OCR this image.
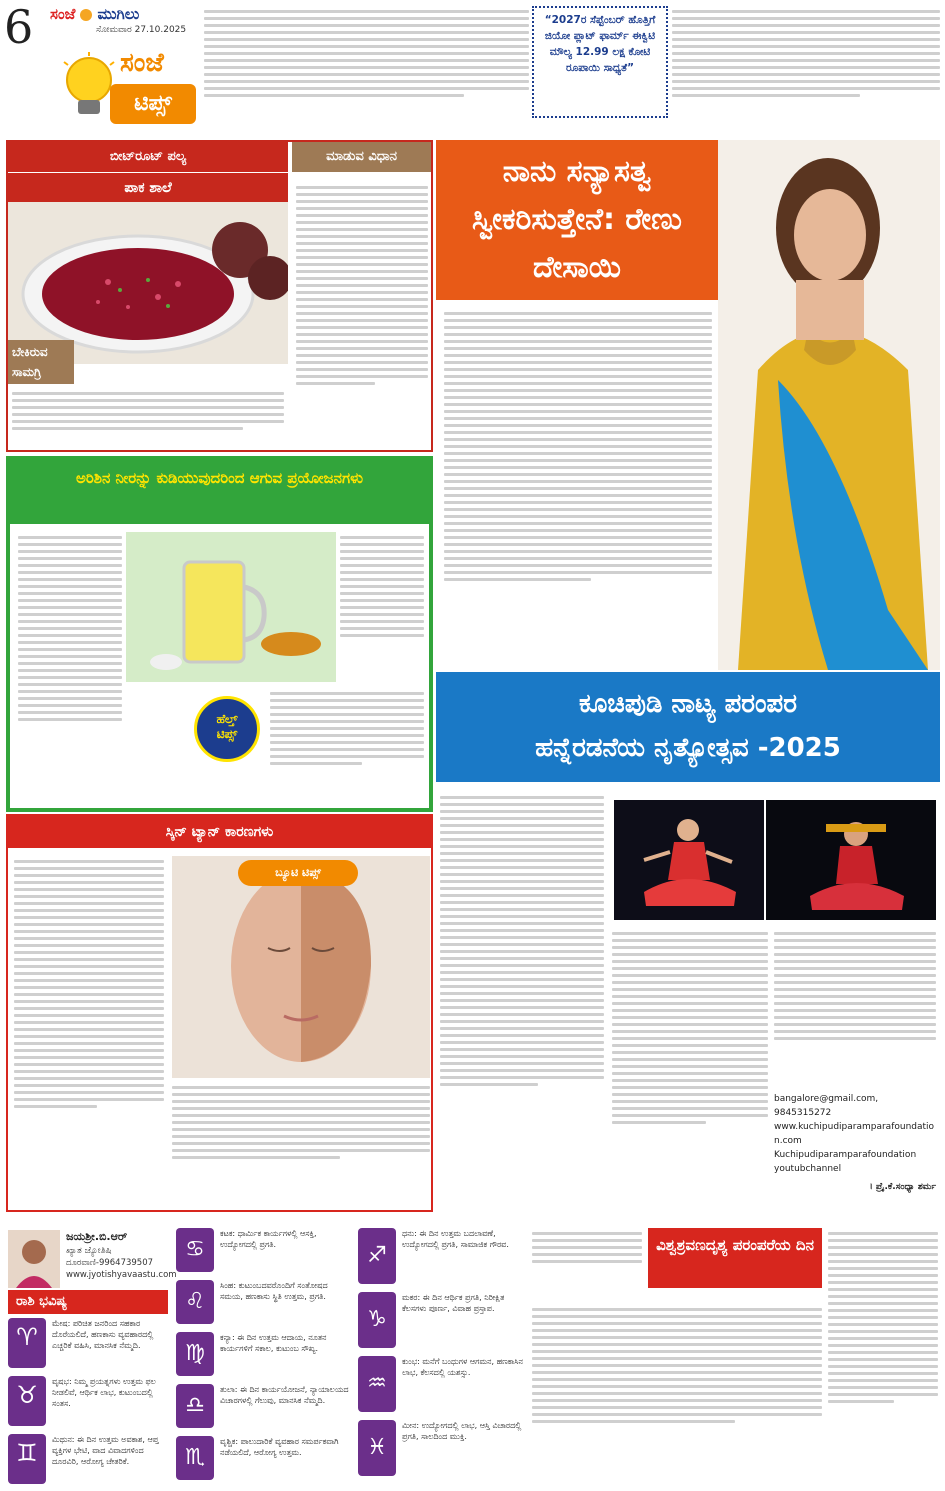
6 ಸಂಜೆ ಮುಗಿಲು
ಸೋಮವಾರ 27.10.2025
ಸಂಜೆ
ಟಿಪ್ಸ್
“2027ರ ಸೆಪ್ಟೆಂಬರ್ ಹೊತ್ತಿಗೆ ಜಿಯೋ ಪ್ಲಾಟ್ ಫಾರ್ಮ್ ಈಕ್ವಿಟಿ ಮೌಲ್ಯ 12.99 ಲಕ್ಷ ಕೋಟಿ ರೂಪಾಯಿ ಸಾಧ್ಯತೆ”
ಬೀಟ್‌ರೂಟ್ ಪಲ್ಯ	ಮಾಡುವ ವಿಧಾನ
ಪಾಕ ಶಾಲೆ
ಬೇಕಿರುವ ಸಾಮಗ್ರಿ
ನಾನು ಸನ್ಯಾಸತ್ವ ಸ್ವೀಕರಿಸುತ್ತೇನೆ: ರೇಣು ದೇಸಾಯಿ
ಅರಿಶಿನ ನೀರನ್ನು ಕುಡಿಯುವುದರಿಂದ ಆಗುವ ಪ್ರಯೋಜನಗಳು
ಹೆಲ್ತ್
ಟಿಪ್ಸ್
ಕೂಚಿಪುಡಿ ನಾಟ್ಯ ಪರಂಪರ
ಹನ್ನೆರಡನೆಯ ನೃತ್ಯೋತ್ಸವ -2025
bangalore@gmail.com, 9845315272
www.kuchipudiparamparafoundation.com
Kuchipudiparamparafoundation
youtubchannel
। ಪ್ರೈ.ಕೆ.ಸಂಧ್ಯಾ ಶರ್ಮ
ಸ್ಕಿನ್ ಟ್ಯಾನ್ ಕಾರಣಗಳು
ಬ್ಯೂಟಿ ಟಿಪ್ಸ್
ಜಯಶ್ರೀ.ಬಿ.ಆರ್
ಖ್ಯಾತ ಜ್ಯೋತಿಷಿ
ದೂರವಾಣಿ-9964739507
www.jyotishyavaastu.com
ರಾಶಿ ಭವಿಷ್ಯ
♈	ಮೇಷ: ಪರಿಚಿತ ಜನರಿಂದ ಸಹಕಾರ ದೊರೆಯಲಿದೆ, ಹಣಕಾಸು ವ್ಯವಹಾರದಲ್ಲಿ ಎಚ್ಚರಿಕೆ ವಹಿಸಿ, ಮಾನಸಿಕ ನೆಮ್ಮದಿ.
♉	ವೃಷಭ: ನಿಮ್ಮ ಪ್ರಯತ್ನಗಳು ಉತ್ತಮ ಫಲ ನೀಡಲಿವೆ, ಆರ್ಥಿಕ ಲಾಭ, ಕುಟುಂಬದಲ್ಲಿ ಸಂತಸ.
♊	ಮಿಥುನ: ಈ ದಿನ ಉತ್ತಮ ಅವಕಾಶ, ಆಪ್ತ ವ್ಯಕ್ತಿಗಳ ಭೇಟಿ, ವಾದ ವಿವಾದಗಳಿಂದ ದೂರವಿರಿ, ಆರೋಗ್ಯ ಚೇತರಿಕೆ.
♋
ಕಟಕ: ಧಾರ್ಮಿಕ ಕಾರ್ಯಗಳಲ್ಲಿ ಆಸಕ್ತಿ, ಉದ್ಯೋಗದಲ್ಲಿ ಪ್ರಗತಿ.
♌
ಸಿಂಹ: ಕುಟುಂಬದವರೊಂದಿಗೆ ಸಂತೋಷದ ಸಮಯ, ಹಣಕಾಸು ಸ್ಥಿತಿ ಉತ್ತಮ, ಪ್ರಗತಿ.
♍
ಕನ್ಯಾ: ಈ ದಿನ ಉತ್ತಮ ಆದಾಯ, ನೂತನ ಕಾರ್ಯಗಳಿಗೆ ಸಕಾಲ, ಕುಟುಂಬ ಸೌಖ್ಯ.
♎
ತುಲಾ: ಈ ದಿನ ಕಾರ್ಯಯೋಜನೆ, ನ್ಯಾಯಾಲಯದ ವಿಚಾರಗಳಲ್ಲಿ ಗೆಲುವು, ಮಾನಸಿಕ ನೆಮ್ಮದಿ.
♏
ವೃಶ್ಚಿಕ: ಪಾಲುದಾರಿಕೆ ವ್ಯವಹಾರ ಸಮರ್ಪಕವಾಗಿ ನಡೆಯಲಿದೆ, ಆರೋಗ್ಯ ಉತ್ತಮ.
♐
ಧನು: ಈ ದಿನ ಉತ್ತಮ ಬದಲಾವಣೆ, ಉದ್ಯೋಗದಲ್ಲಿ ಪ್ರಗತಿ, ಸಾಮಾಜಿಕ ಗೌರವ.
♑
ಮಕರ: ಈ ದಿನ ಆರ್ಥಿಕ ಪ್ರಗತಿ, ನಿರೀಕ್ಷಿತ ಕೆಲಸಗಳು ಪೂರ್ಣ, ವಿವಾಹ ಪ್ರಸ್ತಾಪ.
♒
ಕುಂಭ: ಮನೆಗೆ ಬಂಧುಗಳ ಆಗಮನ, ಹಣಕಾಸಿನ ಲಾಭ, ಕೆಲಸದಲ್ಲಿ ಯಶಸ್ಸು.
♓
ಮೀನ: ಉದ್ಯೋಗದಲ್ಲಿ ಲಾಭ, ಆಸ್ತಿ ವಿಚಾರದಲ್ಲಿ ಪ್ರಗತಿ, ಸಾಲದಿಂದ ಮುಕ್ತಿ.
ವಿಶ್ವಶ್ರವಣದೃಶ್ಯ ಪರಂಪರೆಯ ದಿನ
